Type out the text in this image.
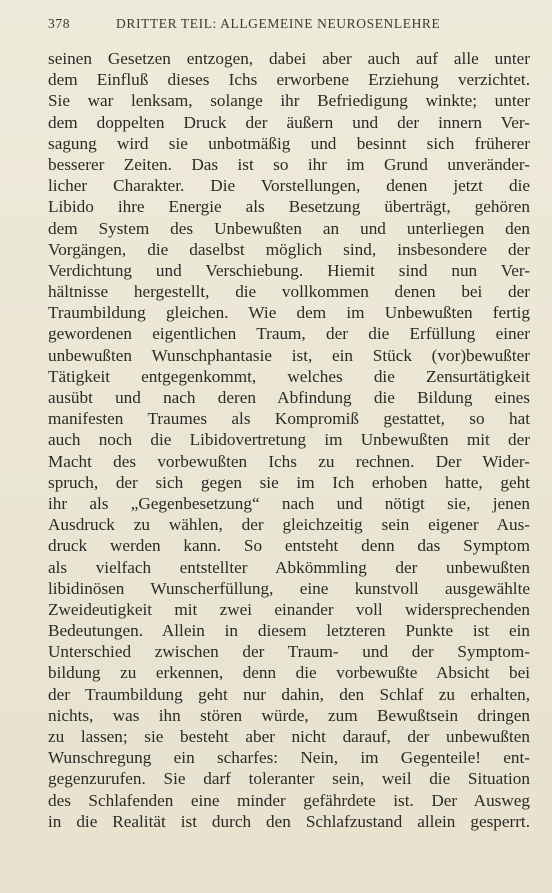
378	DRITTER TEIL: ALLGEMEINE NEUROSENLEHRE
seinen Gesetzen entzogen, dabei aber auch auf alle unter
dem Einfluß dieses Ichs erworbene Erziehung verzichtet.
Sie war lenksam, solange ihr Befriedigung winkte; unter
dem doppelten Druck der äußern und der innern Ver-
sagung wird sie unbotmäßig und besinnt sich früherer
besserer Zeiten. Das ist so ihr im Grund unveränder-
licher Charakter. Die Vorstellungen, denen jetzt die
Libido ihre Energie als Besetzung überträgt, gehören
dem System des Unbewußten an und unterliegen den
Vorgängen, die daselbst möglich sind, insbesondere der
Verdichtung und Verschiebung. Hiemit sind nun Ver-
hältnisse hergestellt, die vollkommen denen bei der
Traumbildung gleichen. Wie dem im Unbewußten fertig
gewordenen eigentlichen Traum, der die Erfüllung einer
unbewußten Wunschphantasie ist, ein Stück (vor)bewußter
Tätigkeit entgegenkommt, welches die Zensurtätigkeit
ausübt und nach deren Abfindung die Bildung eines
manifesten Traumes als Kompromiß gestattet, so hat
auch noch die Libidovertretung im Unbewußten mit der
Macht des vorbewußten Ichs zu rechnen. Der Wider-
spruch, der sich gegen sie im Ich erhoben hatte, geht
ihr als „Gegenbesetzung“ nach und nötigt sie, jenen
Ausdruck zu wählen, der gleichzeitig sein eigener Aus-
druck werden kann. So entsteht denn das Symptom
als vielfach entstellter Abkömmling der unbewußten
libidinösen Wunscherfüllung, eine kunstvoll ausgewählte
Zweideutigkeit mit zwei einander voll widersprechenden
Bedeutungen. Allein in diesem letzteren Punkte ist ein
Unterschied zwischen der Traum- und der Symptom-
bildung zu erkennen, denn die vorbewußte Absicht bei
der Traumbildung geht nur dahin, den Schlaf zu erhalten,
nichts, was ihn stören würde, zum Bewußtsein dringen
zu lassen; sie besteht aber nicht darauf, der unbewußten
Wunschregung ein scharfes: Nein, im Gegenteile! ent-
gegenzurufen. Sie darf toleranter sein, weil die Situation
des Schlafenden eine minder gefährdete ist. Der Ausweg
in die Realität ist durch den Schlafzustand allein gesperrt.
